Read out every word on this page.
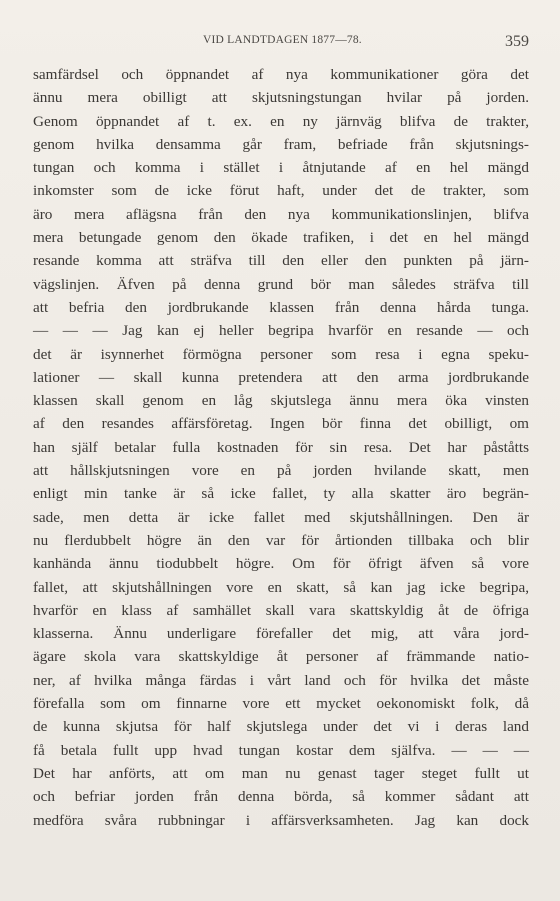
VID LANDTDAGEN 1877—78.	359
samfärdsel och öppnandet af nya kommunikationer göra det
ännu mera obilligt att skjutsningstungan hvilar på jorden.
Genom öppnandet af t. ex. en ny järnväg blifva de trakter,
genom hvilka densamma går fram, befriade från skjutsnings-
tungan och komma i stället i åtnjutande af en hel mängd
inkomster som de icke förut haft, under det de trakter, som
äro mera aflägsna från den nya kommunikationslinjen, blifva
mera betungade genom den ökade trafiken, i det en hel mängd
resande komma att sträfva till den eller den punkten på järn-
vägslinjen. Äfven på denna grund bör man således sträfva till
att befria den jordbrukande klassen från denna hårda tunga.
— — — Jag kan ej heller begripa hvarför en resande — och
det är isynnerhet förmögna personer som resa i egna speku-
lationer — skall kunna pretendera att den arma jordbrukande
klassen skall genom en låg skjutslega ännu mera öka vinsten
af den resandes affärsföretag. Ingen bör finna det obilligt, om
han själf betalar fulla kostnaden för sin resa. Det har påståtts
att hållskjutsningen vore en på jorden hvilande skatt, men
enligt min tanke är så icke fallet, ty alla skatter äro begrän-
sade, men detta är icke fallet med skjutshållningen. Den är
nu flerdubbelt högre än den var för årtionden tillbaka och blir
kanhända ännu tiodubbelt högre. Om för öfrigt äfven så vore
fallet, att skjutshållningen vore en skatt, så kan jag icke begripa,
hvarför en klass af samhället skall vara skattskyldig åt de öfriga
klasserna. Ännu underligare förefaller det mig, att våra jord-
ägare skola vara skattskyldige åt personer af främmande natio-
ner, af hvilka många färdas i vårt land och för hvilka det måste
förefalla som om finnarne vore ett mycket oekonomiskt folk, då
de kunna skjutsa för half skjutslega under det vi i deras land
få betala fullt upp hvad tungan kostar dem själfva. — — —
Det har anförts, att om man nu genast tager steget fullt ut
och befriar jorden från denna börda, så kommer sådant att
medföra svåra rubbningar i affärsverksamheten. Jag kan dock
